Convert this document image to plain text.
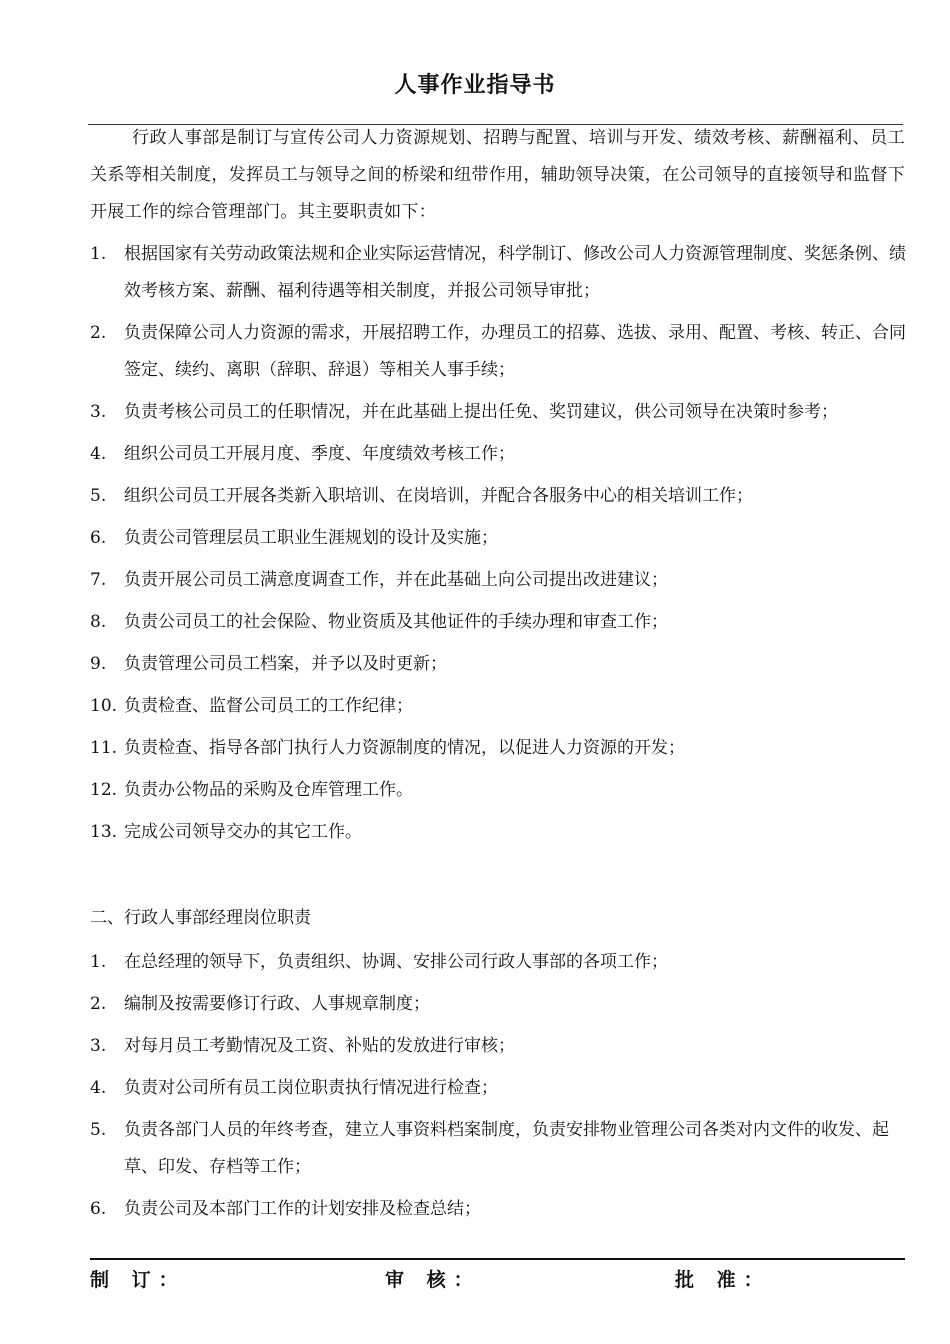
人事作业指导书
行政人事部是制订与宣传公司人力资源规划、招聘与配置、培训与开发、绩效考核、薪酬福利、员工关系等相关制度，发挥员工与领导之间的桥梁和纽带作用，辅助领导决策，在公司领导的直接领导和监督下开展工作的综合管理部门。其主要职责如下：
1. 根据国家有关劳动政策法规和企业实际运营情况，科学制订、修改公司人力资源管理制度、奖惩条例、绩效考核方案、薪酬、福利待遇等相关制度，并报公司领导审批；
2. 负责保障公司人力资源的需求，开展招聘工作，办理员工的招募、选拔、录用、配置、考核、转正、合同签定、续约、离职（辞职、辞退）等相关人事手续；
3. 负责考核公司员工的任职情况，并在此基础上提出任免、奖罚建议，供公司领导在决策时参考；
4. 组织公司员工开展月度、季度、年度绩效考核工作；
5. 组织公司员工开展各类新入职培训、在岗培训，并配合各服务中心的相关培训工作；
6. 负责公司管理层员工职业生涯规划的设计及实施；
7. 负责开展公司员工满意度调查工作，并在此基础上向公司提出改进建议；
8. 负责公司员工的社会保险、物业资质及其他证件的手续办理和审查工作；
9. 负责管理公司员工档案，并予以及时更新；
10. 负责检查、监督公司员工的工作纪律；
11. 负责检查、指导各部门执行人力资源制度的情况，以促进人力资源的开发；
12. 负责办公物品的采购及仓库管理工作。
13. 完成公司领导交办的其它工作。
二、行政人事部经理岗位职责
1. 在总经理的领导下，负责组织、协调、安排公司行政人事部的各项工作；
2. 编制及按需要修订行政、人事规章制度；
3. 对每月员工考勤情况及工资、补贴的发放进行审核；
4. 负责对公司所有员工岗位职责执行情况进行检查；
5. 负责各部门人员的年终考查，建立人事资料档案制度，负责安排物业管理公司各类对内文件的收发、起草、印发、存档等工作；
6. 负责公司及本部门工作的计划安排及检查总结；
制 订：	审 核：	批 准：
